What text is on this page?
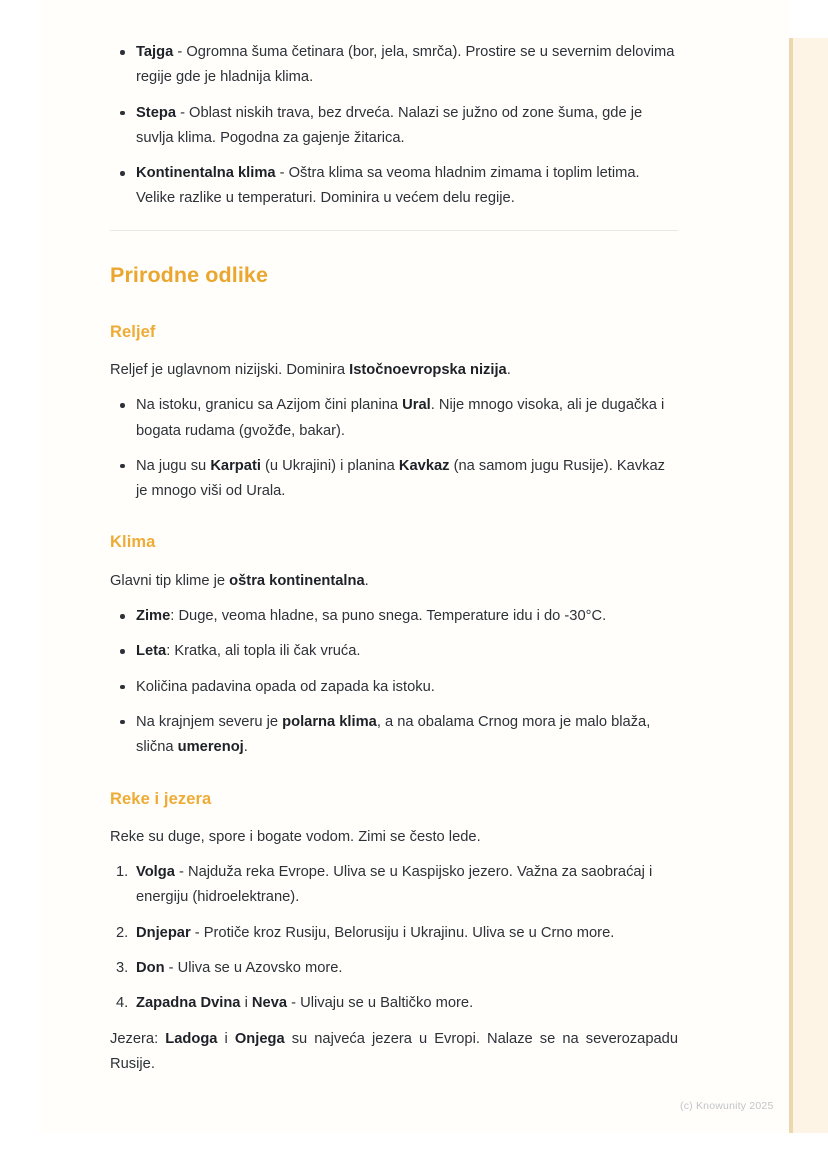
Tajga - Ogromna šuma četinara (bor, jela, smrča). Prostire se u severnim delovima regije gde je hladnija klima.
Stepa - Oblast niskih trava, bez drveća. Nalazi se južno od zone šuma, gde je suvlja klima. Pogodna za gajenje žitarica.
Kontinentalna klima - Oštra klima sa veoma hladnim zimama i toplim letima. Velike razlike u temperaturi. Dominira u većem delu regije.
Prirodne odlike
Reljef

Reljef je uglavnom nizijski. Dominira Istočnoevropska nizija.

Na istoku, granicu sa Azijom čini planina Ural. Nije mnogo visoka, ali je dugačka i bogata rudama (gvožđe, bakar).
Na jugu su Karpati (u Ukrajini) i planina Kavkaz (na samom jugu Rusije). Kavkaz je mnogo viši od Urala.
Klima

Glavni tip klime je oštra kontinentalna.

Zime: Duge, veoma hladne, sa puno snega. Temperature idu i do -30°C.
Leta: Kratka, ali topla ili čak vruća.
Količina padavina opada od zapada ka istoku.
Na krajnjem severu je polarna klima, a na obalama Crnog mora je malo blaža, slična umerenoj.
Reke i jezera

Reke su duge, spore i bogate vodom. Zimi se često lede.

Volga - Najduža reka Evrope. Uliva se u Kaspijsko jezero. Važna za saobraćaj i energiju (hidroelektrane).
Dnjepar - Protiče kroz Rusiju, Belorusiju i Ukrajinu. Uliva se u Crno more.
Don - Uliva se u Azovsko more.
Zapadna Dvina i Neva - Ulivaju se u Baltičko more.

Jezera: Ladoga i Onjega su najveća jezera u Evropi. Nalaze se na severozapadu Rusije.

(c) Knowunity 2025
